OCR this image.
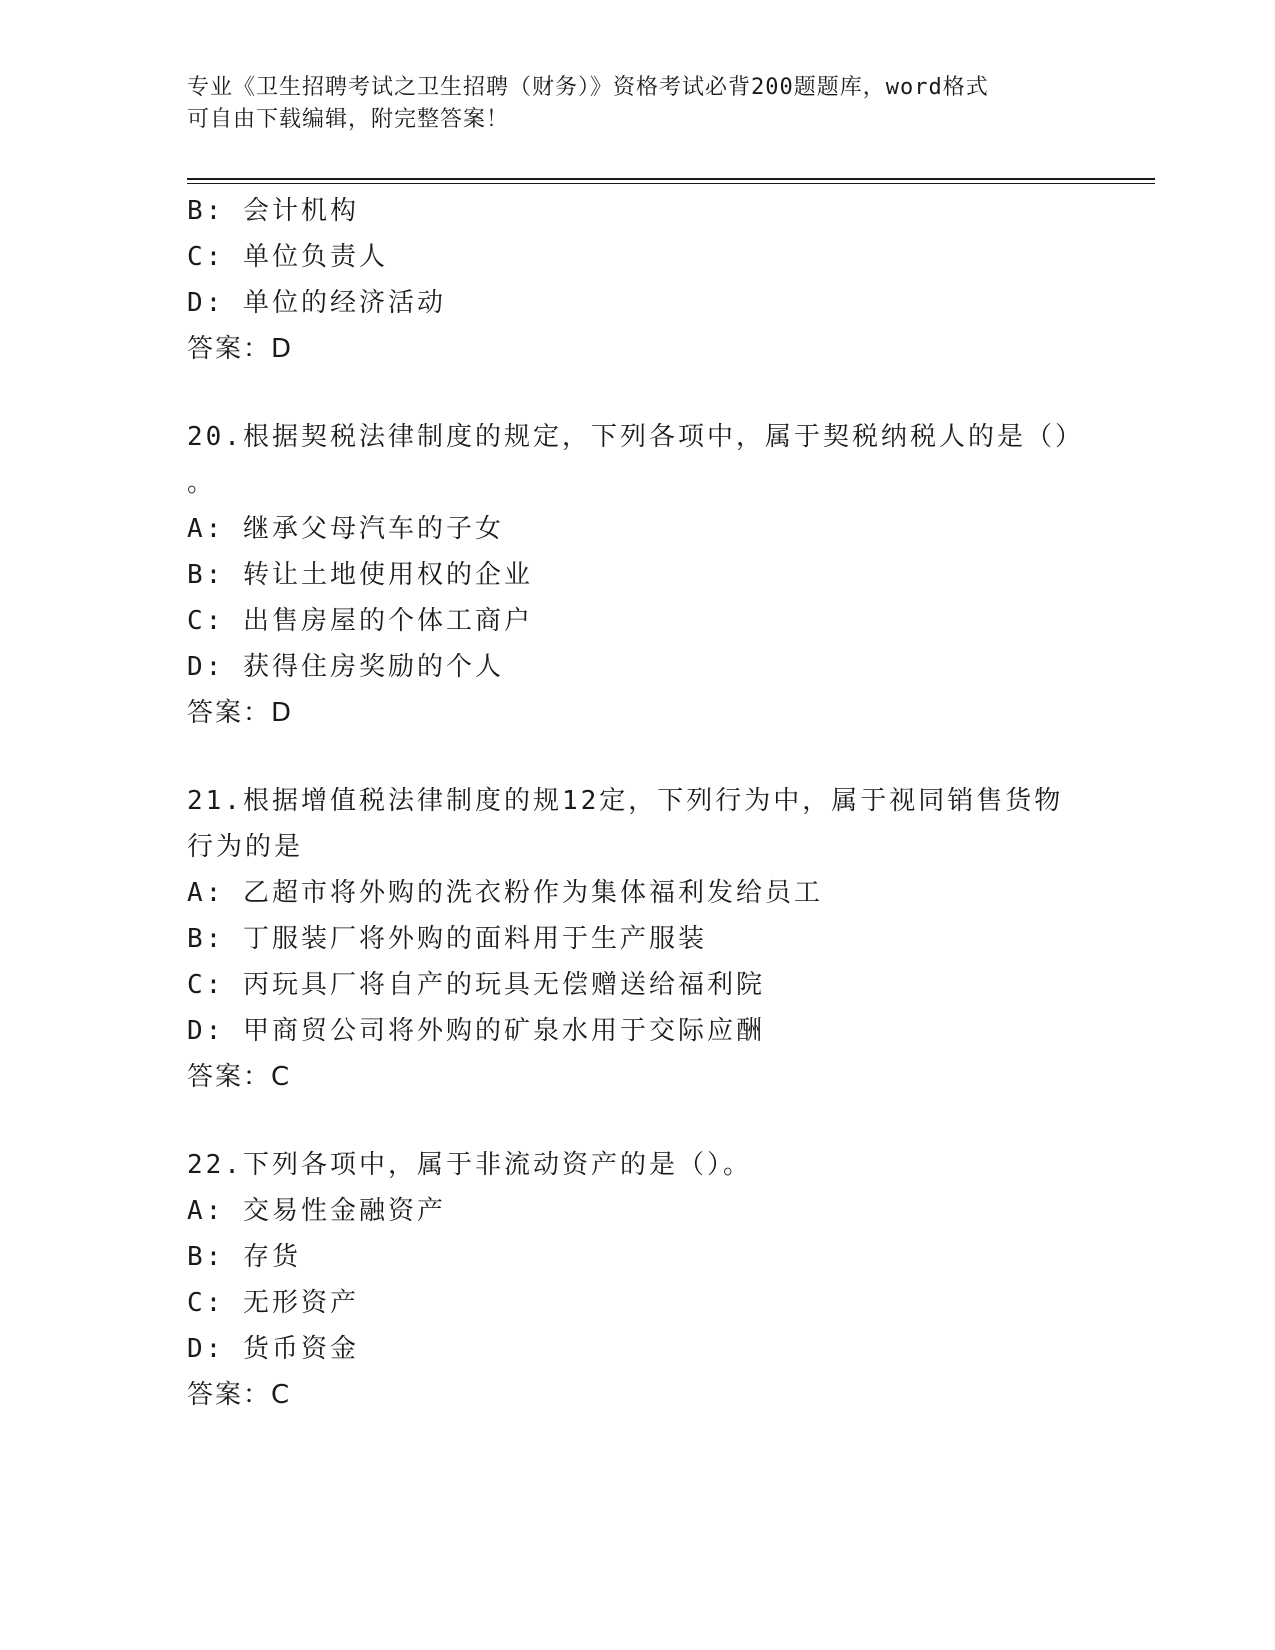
专业《卫生招聘考试之卫生招聘（财务）》资格考试必背200题题库，word格式
可自由下载编辑，附完整答案！
B: 会计机构
C: 单位负责人
D: 单位的经济活动
答案：D
20.根据契税法律制度的规定，下列各项中，属于契税纳税人的是（）
。
A: 继承父母汽车的子女
B: 转让土地使用权的企业
C: 出售房屋的个体工商户
D: 获得住房奖励的个人
答案：D
21.根据增值税法律制度的规12定，下列行为中，属于视同销售货物
行为的是
A: 乙超市将外购的洗衣粉作为集体福利发给员工
B: 丁服装厂将外购的面料用于生产服装
C: 丙玩具厂将自产的玩具无偿赠送给福利院
D: 甲商贸公司将外购的矿泉水用于交际应酬
答案：C
22.下列各项中，属于非流动资产的是（）。
A: 交易性金融资产
B: 存货
C: 无形资产
D: 货币资金
答案：C
